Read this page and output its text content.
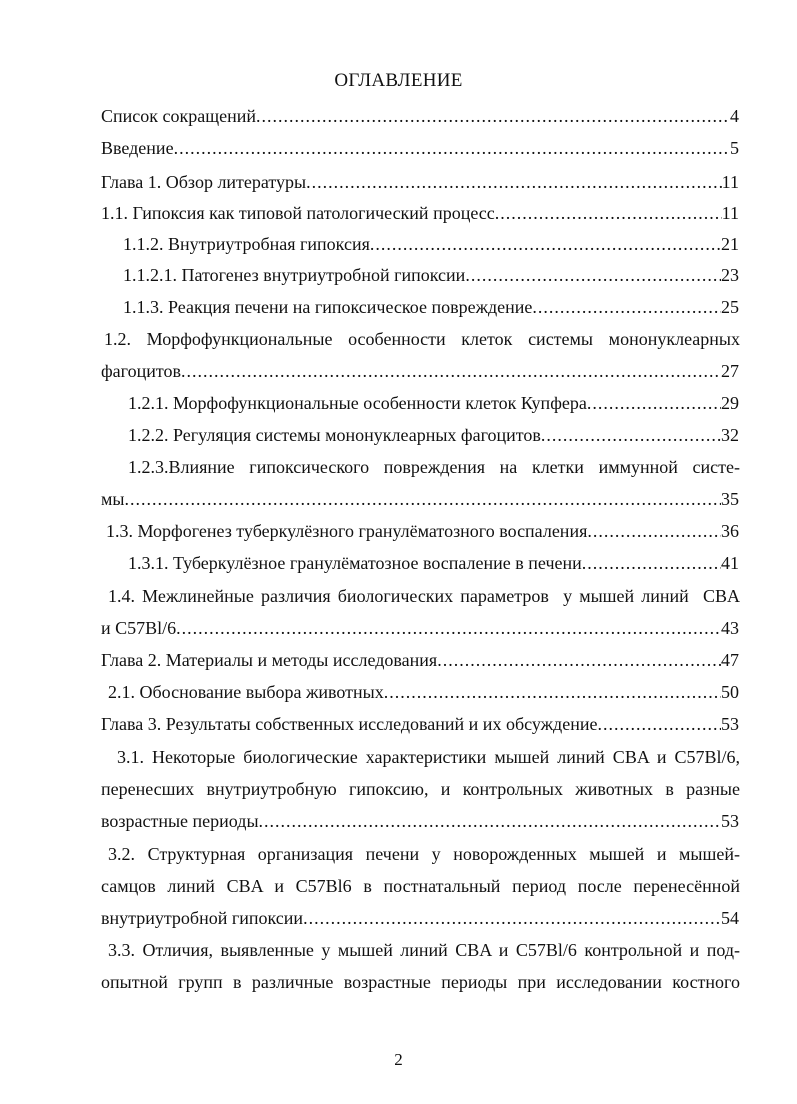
ОГЛАВЛЕНИЕ
Список сокращений .....	4
Введение .....	5
Глава 1. Обзор литературы .....	11
1.1. Гипоксия как типовой патологический процесс .....	11
1.1.2. Внутриутробная гипоксия .....	21
1.1.2.1. Патогенез внутриутробной гипоксии .....	23
1.1.3. Реакция печени на гипоксическое повреждение .....	25
1.2. Морфофункциональные особенности клеток системы мононуклеарных
фагоцитов .....	27
1.2.1. Морфофункциональные особенности клеток Купфера .....	29
1.2.2. Регуляция системы мононуклеарных фагоцитов .....	32
1.2.3.Влияние гипоксического повреждения на клетки иммунной систе-
мы .....	35
1.3. Морфогенез туберкулёзного гранулёматозного воспаления .....	36
1.3.1. Туберкулёзное гранулёматозное воспаление в печени .....	41
1.4. Межлинейные различия биологических параметров  у мышей линий  CBA
и C57Bl/6 .....	43
Глава 2. Материалы и методы исследования .....	47
2.1. Обоснование выбора животных .....	50
Глава 3. Результаты собственных исследований и их обсуждение .....	53
3.1. Некоторые биологические характеристики мышей линий CBA и C57Bl/6,
перенесших внутриутробную гипоксию, и контрольных животных в разные
возрастные периоды .....	53
3.2. Структурная организация печени у новорожденных мышей и мышей-
самцов линий CBA и C57Bl6 в постнатальный период после перенесённой
внутриутробной гипоксии .....	54
3.3. Отличия, выявленные у мышей линий CBA и C57Bl/6 контрольной и под-
опытной групп в различные возрастные периоды при исследовании костного
2
